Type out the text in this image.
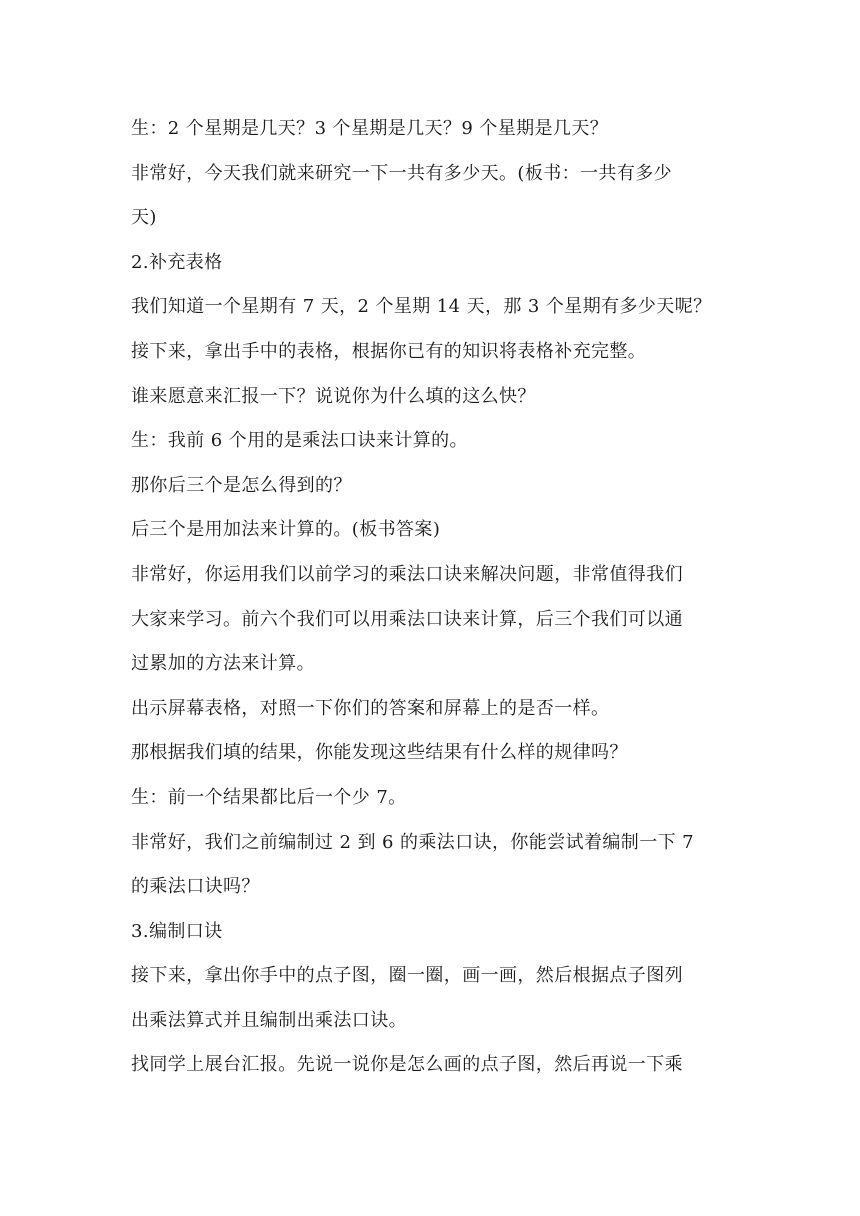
生：2 个星期是几天？3 个星期是几天？9 个星期是几天？
非常好，今天我们就来研究一下一共有多少天。(板书：一共有多少
天)
2.补充表格
我们知道一个星期有 7 天，2 个星期 14 天，那 3 个星期有多少天呢？
接下来，拿出手中的表格，根据你已有的知识将表格补充完整。
谁来愿意来汇报一下？说说你为什么填的这么快？
生：我前 6 个用的是乘法口诀来计算的。
那你后三个是怎么得到的？
后三个是用加法来计算的。(板书答案)
非常好，你运用我们以前学习的乘法口诀来解决问题，非常值得我们
大家来学习。前六个我们可以用乘法口诀来计算，后三个我们可以通
过累加的方法来计算。
出示屏幕表格，对照一下你们的答案和屏幕上的是否一样。
那根据我们填的结果，你能发现这些结果有什么样的规律吗？
生：前一个结果都比后一个少 7。
非常好，我们之前编制过 2 到 6 的乘法口诀，你能尝试着编制一下 7
的乘法口诀吗？
3.编制口诀
接下来，拿出你手中的点子图，圈一圈，画一画，然后根据点子图列
出乘法算式并且编制出乘法口诀。
找同学上展台汇报。先说一说你是怎么画的点子图，然后再说一下乘
